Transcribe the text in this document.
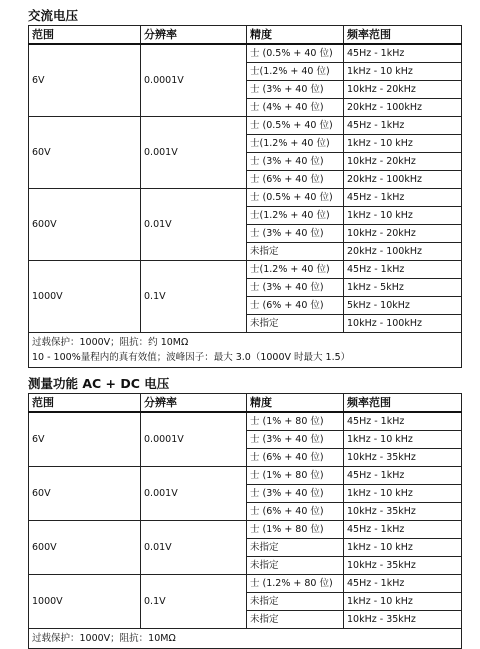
交流电压
范围	分辨率	精度	频率范围
6V	0.0001V	士 (0.5% + 40 位)	45Hz - 1kHz
		士(1.2% + 40 位)	1kHz - 10 kHz
		士 (3% + 40 位)	10kHz - 20kHz
		士 (4% + 40 位)	20kHz - 100kHz
60V	0.001V	士 (0.5% + 40 位)	45Hz - 1kHz
		士(1.2% + 40 位)	1kHz - 10 kHz
		士 (3% + 40 位)	10kHz - 20kHz
		士 (6% + 40 位)	20kHz - 100kHz
600V	0.01V	士 (0.5% + 40 位)	45Hz - 1kHz
		士(1.2% + 40 位)	1kHz - 10 kHz
		士 (3% + 40 位)	10kHz - 20kHz
		未指定	20kHz - 100kHz
1000V	0.1V	士(1.2% + 40 位)	45Hz - 1kHz
		士 (3% + 40 位)	1kHz - 5kHz
		士 (6% + 40 位)	5kHz - 10kHz
		未指定	10kHz - 100kHz

过载保护：1000V；阻抗：约 10MΩ
10 - 100%量程内的真有效值；波峰因子：最大 3.0（1000V 时最大 1.5）			
测量功能 AC + DC 电压
范围	分辨率	精度	频率范围
6V	0.0001V	士 (1% + 80 位)	45Hz - 1kHz
		士 (3% + 40 位)	1kHz - 10 kHz
		士 (6% + 40 位)	10kHz - 35kHz
60V	0.001V	士 (1% + 80 位)	45Hz - 1kHz
		士 (3% + 40 位)	1kHz - 10 kHz
		士 (6% + 40 位)	10kHz - 35kHz
600V	0.01V	士 (1% + 80 位)	45Hz - 1kHz
		未指定	1kHz - 10 kHz
		未指定	10kHz - 35kHz
1000V	0.1V	士 (1.2% + 80 位)	45Hz - 1kHz
		未指定	1kHz - 10 kHz
		未指定	10kHz - 35kHz

过载保护：1000V；阻抗：10MΩ			
